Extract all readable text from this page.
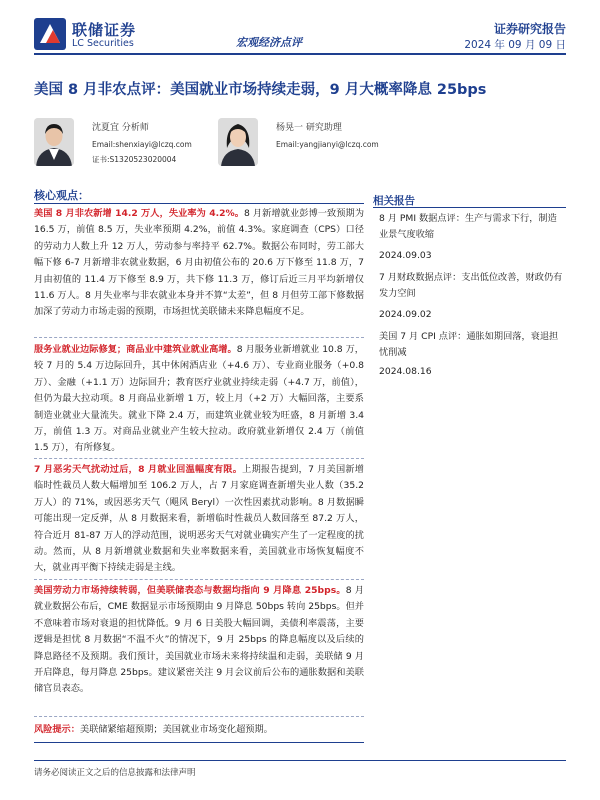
联储证券
LC Securities	宏观经济点评
证券研究报告
2024 年 09 月 09 日
美国 8 月非农点评：美国就业市场持续走弱，9 月大概率降息 25bps
沈夏宜 分析师
Email:shenxiayi@lczq.com
证书:S1320523020004
杨晃一 研究助理
Email:yangjianyi@lczq.com
核心观点：
美国 8 月非农新增 14.2 万人，失业率为 4.2%。8 月新增就业彭博一致预期为 16.5 万，前值 8.5 万，失业率预期 4.2%，前值 4.3%。家庭调查（CPS）口径的劳动力人数上升 12 万人，劳动参与率持平 62.7%。数据公布同时，劳工部大幅下修 6-7 月新增非农就业数据，6 月由初值公布的 20.6 万下修至 11.8 万，7 月由初值的 11.4 万下修至 8.9 万，共下修 11.3 万，修订后近三月平均新增仅 11.6 万人。8 月失业率与非农就业本身并不算“太差”，但 8 月但劳工部下修数据加深了劳动力市场走弱的预期，市场担忧美联储未来降息幅度不足。
服务业就业边际修复；商品业中建筑业就业高增。8 月服务业新增就业 10.8 万，较 7 月的 5.4 万边际回升，其中休闲酒店业（+4.6 万）、专业商业服务（+0.8 万）、金融（+1.1 万）边际回升；教育医疗业就业持续走弱（+4.7 万，前值），但仍为最大拉动项。8 月商品业新增 1 万，较上月（+2 万）大幅回落，主要系制造业就业大量流失。就业下降 2.4 万，而建筑业就业较为旺盛，8 月新增 3.4 万，前值 1.3 万。对商品业就业产生较大拉动。政府就业新增仅 2.4 万（前值 1.5 万），有所修复。
7 月恶劣天气扰动过后，8 月就业回温幅度有限。上期报告提到，7 月美国新增临时性裁员人数大幅增加至 106.2 万人，占 7 月家庭调查新增失业人数（35.2 万人）的 71%，或因恶劣天气（飓风 Beryl）一次性因素扰动影响。8 月数据瞬可能出现一定反弹，从 8 月数据来看，新增临时性裁员人数回落至 87.2 万人，符合近月 81-87 万人的浮动范围，说明恶劣天气对就业确实产生了一定程度的扰动。然而，从 8 月新增就业数据和失业率数据来看，美国就业市场恢复幅度不大，就业再平衡下持续走弱是主线。
美国劳动力市场持续转弱，但美联储表态与数据均指向 9 月降息 25bps。8 月就业数据公布后，CME 数据显示市场预期由 9 月降息 50bps 转向 25bps。但并不意味着市场对衰退的担忧降低。9 月 6 日美股大幅回调，美债利率震荡，主要逻辑是担忧 8 月数据“不温不火”的情况下，9 月 25bps 的降息幅度以及后续的降息路径不及预期。我们预计，美国就业市场未来将持续温和走弱，美联储 9 月开启降息，每月降息 25bps。建议紧密关注 9 月会议前后公布的通胀数据和美联储官员表态。
风险提示：美联储紧缩超预期；美国就业市场变化超预期。
相关报告
8 月 PMI 数据点评：生产与需求下行，制造业景气度收缩
2024.09.03
7 月财政数据点评：支出低位改善，财政仍有发力空间
2024.09.02
美国 7 月 CPI 点评：通胀如期回落，衰退担忧削减
2024.08.16
请务必阅读正文之后的信息披露和法律声明
